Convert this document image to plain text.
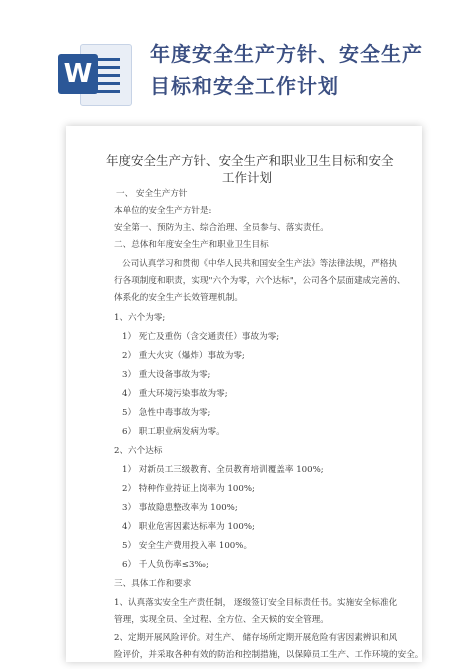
W
年度安全生产方针、安全生产
目标和安全工作计划
年度安全生产方针、安全生产和职业卫生目标和安全
工作计划
一、 安全生产方针
本单位的安全生产方针是:
安全第一、预防为主、综合治理、全员参与、落实责任。
二、总体和年度安全生产和职业卫生目标
公司认真学习和贯彻《中华人民共和国安全生产法》等法律法规，严格执
行各项制度和职责，实现"六个为零，六个达标"，公司各个层面建成完善的、
体系化的安全生产长效管理机制。
1、六个为零;
1） 死亡及重伤（含交通责任）事故为零;
2） 重大火灾（爆炸）事故为零;
3） 重大设备事故为零;
4） 重大环境污染事故为零;
5） 急性中毒事故为零;
6） 职工职业病发病为零。
2、六个达标
1） 对新员工三级教育、全员教育培训覆盖率 100%;
2） 特种作业持证上岗率为 100%;
3） 事故隐患整改率为 100%;
4） 职业危害因素达标率为 100%;
5） 安全生产费用投入率 100%。
6） 千人负伤率≤3‰;
三、具体工作和要求
1、认真落实安全生产责任制， 逐级签订安全目标责任书。实施安全标准化
管理，实现全员、全过程、全方位、全天候的安全管理。
2、定期开展风险评价。对生产、 储存场所定期开展危险有害因素辨识和风
险评价，并采取各种有效的防治和控制措施，以保障员工生产、工作环境的安全。
